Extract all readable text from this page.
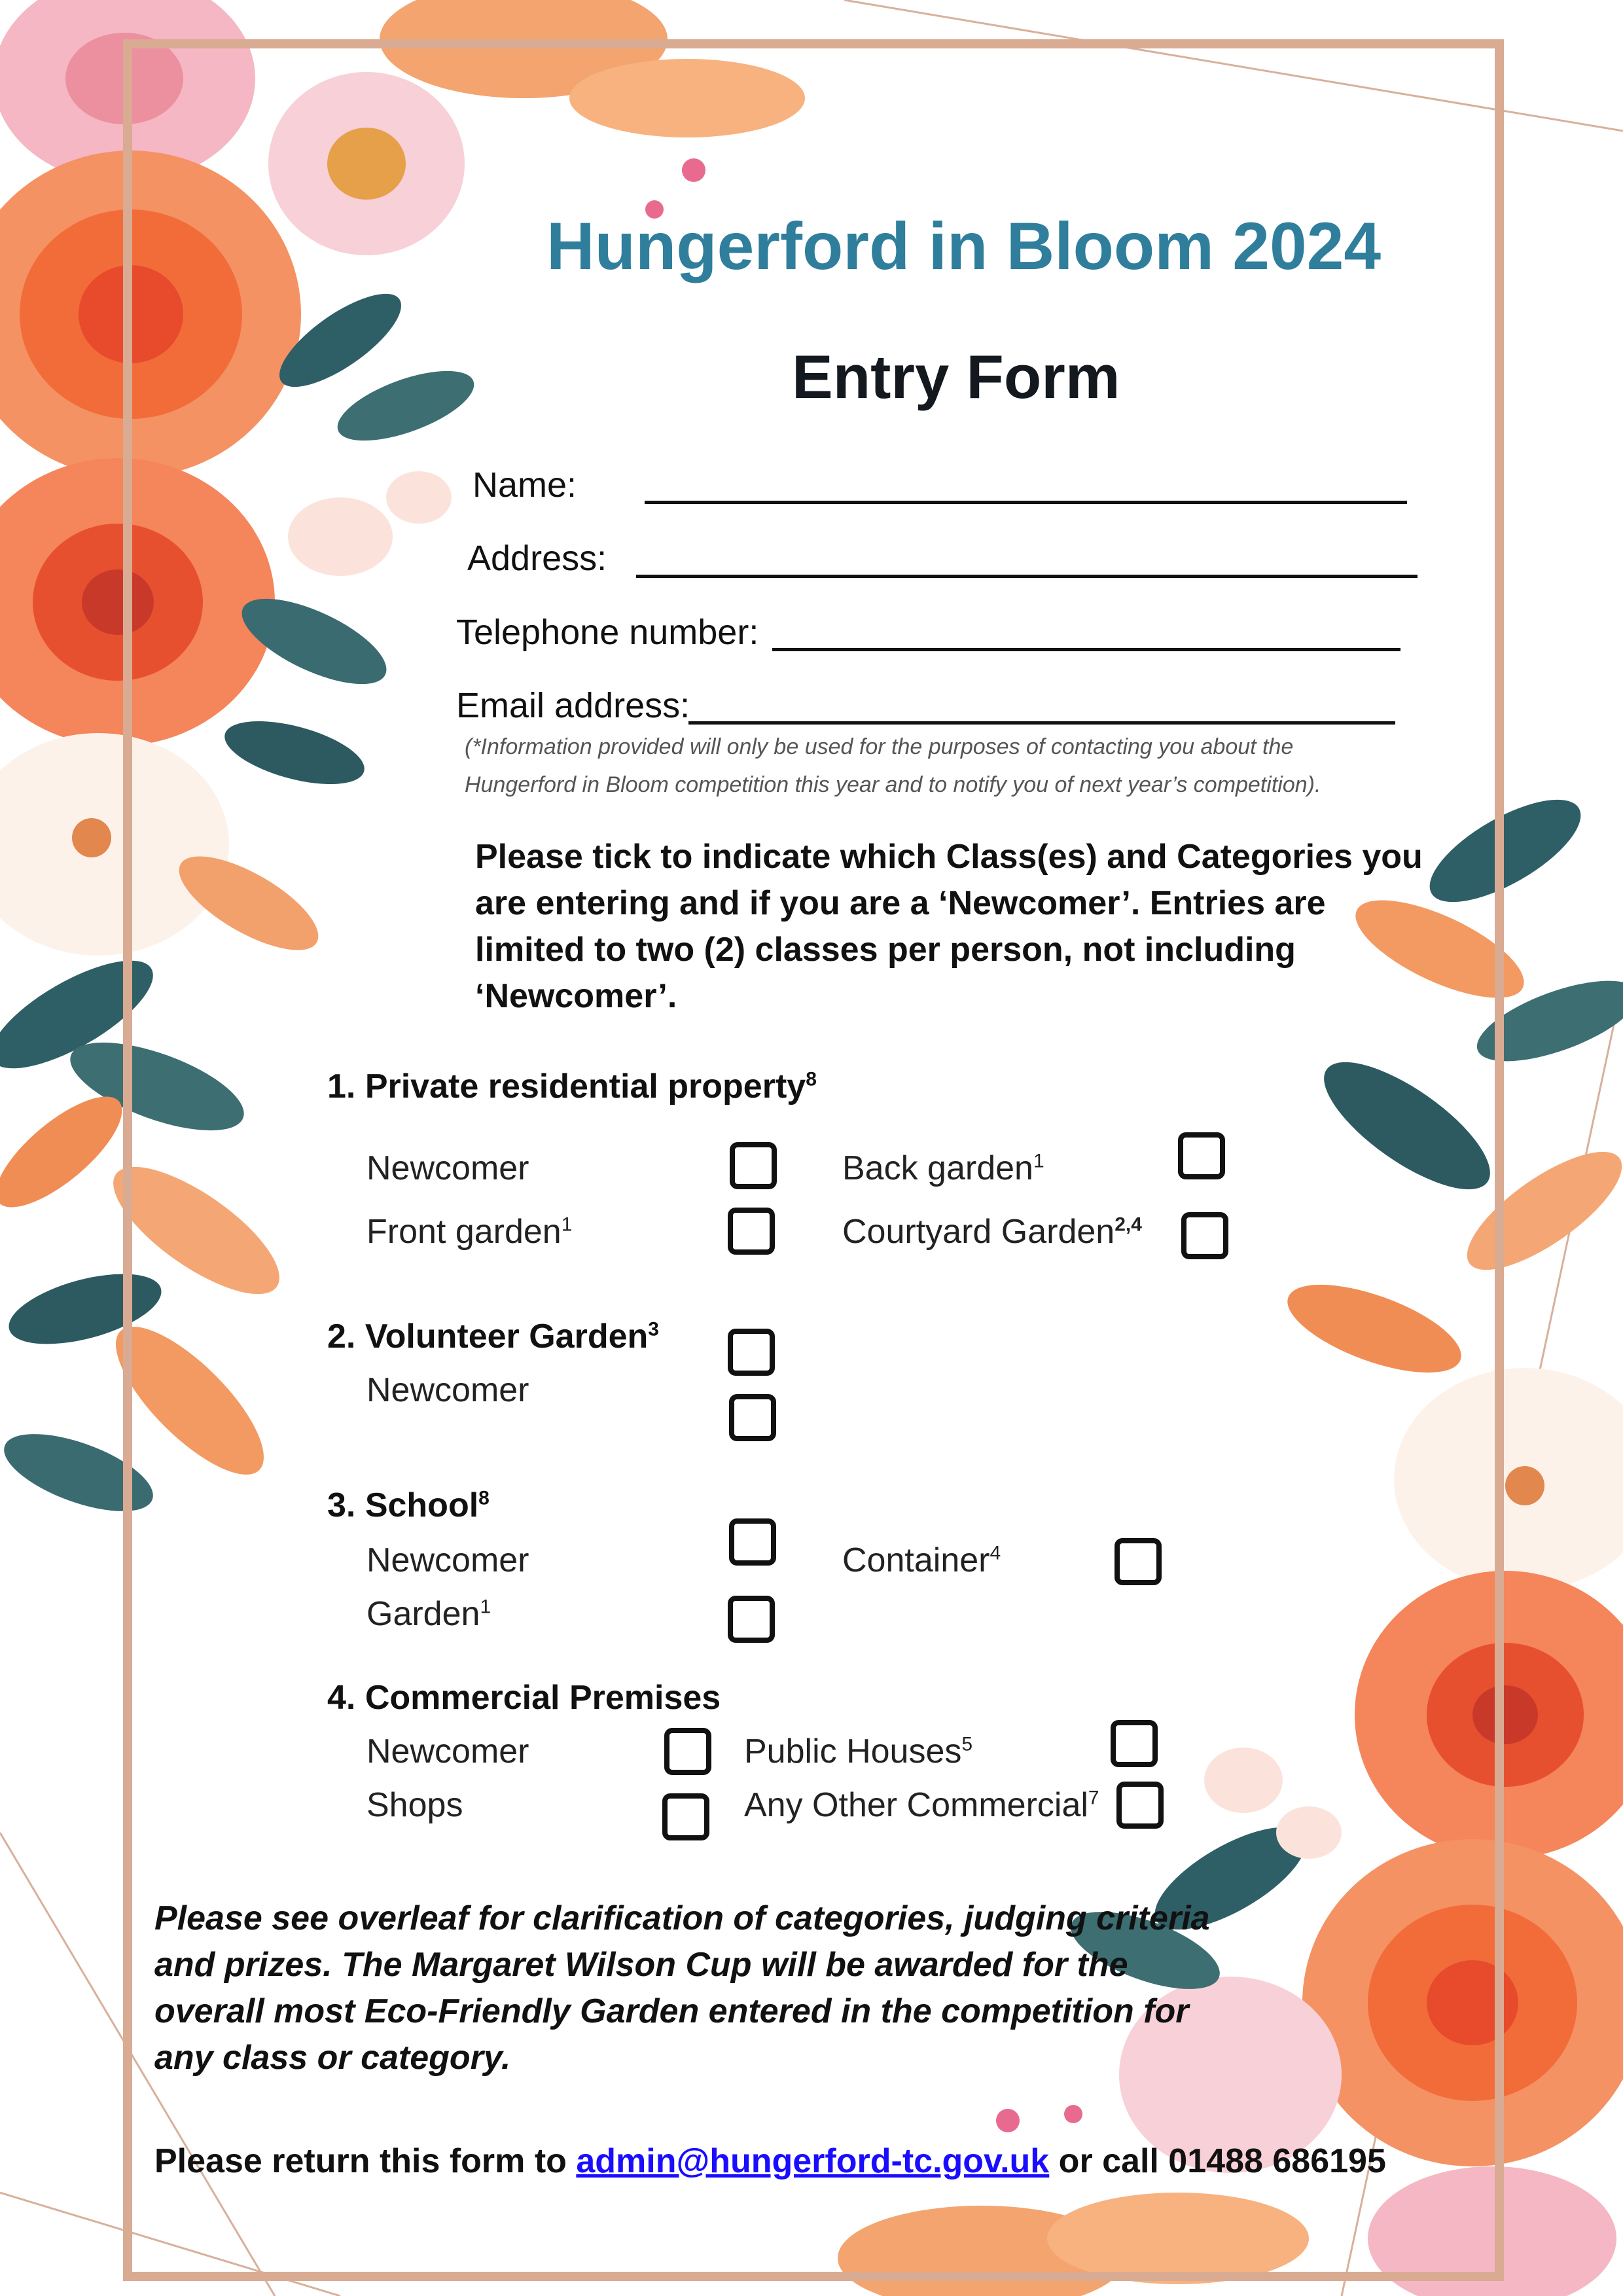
Hungerford in Bloom 2024
Entry Form
Name:
Address:
Telephone number:
Email address:
(*Information provided will only be used for the purposes of contacting you about the
Hungerford in Bloom competition this year and to notify you of next year’s competition).
Please tick to indicate which Class(es) and Categories you are entering and if you are a ‘Newcomer’. Entries are limited to two (2) classes per person, not including ‘Newcomer’.
1. Private residential property$^8$
Newcomer	Back garden$^1$
Front garden$^1$	Courtyard Garden$^{2,4}$
2. Volunteer Garden$^3$
Newcomer
3. School$^8$
Newcomer	Container$^4$
Garden$^1$
4. Commercial Premises
Newcomer	Public Houses$^5$
Shops	Any Other Commercial$^7$
Please see overleaf for clarification of categories, judging criteria and prizes. The Margaret Wilson Cup will be awarded for the overall most Eco-Friendly Garden entered in the competition for any class or category.
Please return this form to admin@hungerford-tc.gov.uk or call 01488 686195
